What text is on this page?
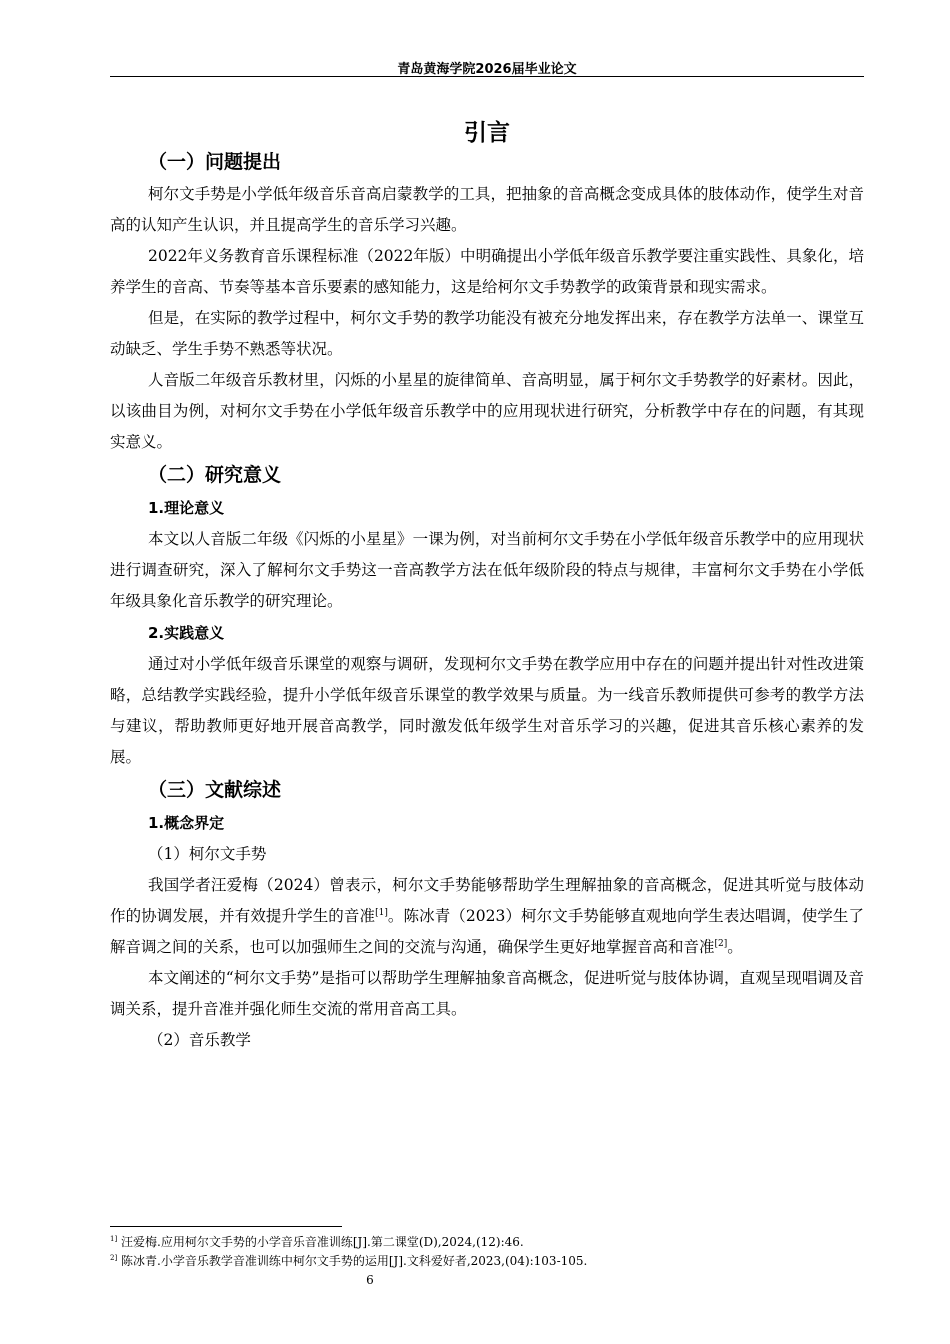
青岛黄海学院2026届毕业论文
引言
（一）问题提出

柯尔文手势是小学低年级音乐音高启蒙教学的工具，把抽象的音高概念变成具体的肢体动作，使学生对音高的认知产生认识，并且提高学生的音乐学习兴趣。

2022年义务教育音乐课程标准（2022年版）中明确提出小学低年级音乐教学要注重实践性、具象化，培养学生的音高、节奏等基本音乐要素的感知能力，这是给柯尔文手势教学的政策背景和现实需求。

但是，在实际的教学过程中，柯尔文手势的教学功能没有被充分地发挥出来，存在教学方法单一、课堂互动缺乏、学生手势不熟悉等状况。

人音版二年级音乐教材里，闪烁的小星星的旋律简单、音高明显，属于柯尔文手势教学的好素材。因此，以该曲目为例，对柯尔文手势在小学低年级音乐教学中的应用现状进行研究，分析教学中存在的问题，有其现实意义。

（二）研究意义
1.理论意义

本文以人音版二年级《闪烁的小星星》一课为例，对当前柯尔文手势在小学低年级音乐教学中的应用现状进行调查研究，深入了解柯尔文手势这一音高教学方法在低年级阶段的特点与规律，丰富柯尔文手势在小学低年级具象化音乐教学的研究理论。

2.实践意义

通过对小学低年级音乐课堂的观察与调研，发现柯尔文手势在教学应用中存在的问题并提出针对性改进策略，总结教学实践经验，提升小学低年级音乐课堂的教学效果与质量。为一线音乐教师提供可参考的教学方法与建议，帮助教师更好地开展音高教学，同时激发低年级学生对音乐学习的兴趣，促进其音乐核心素养的发展。

（三）文献综述
1.概念界定

（1）柯尔文手势

我国学者汪爱梅（2024）曾表示，柯尔文手势能够帮助学生理解抽象的音高概念，促进其听觉与肢体动作的协调发展，并有效提升学生的音准[1]。陈冰青（2023）柯尔文手势能够直观地向学生表达唱调，使学生了解音调之间的关系，也可以加强师生之间的交流与沟通，确保学生更好地掌握音高和音准[2]。

本文阐述的“柯尔文手势”是指可以帮助学生理解抽象音高概念，促进听觉与肢体协调，直观呈现唱调及音调关系，提升音准并强化师生交流的常用音高工具。

（2）音乐教学

$^{1]}$ 汪爱梅.应用柯尔文手势的小学音乐音准训练[J].第二课堂(D),2024,(12):46.
$^{2]}$ 陈冰青.小学音乐教学音准训练中柯尔文手势的运用[J].文科爱好者,2023,(04):103-105.
6
